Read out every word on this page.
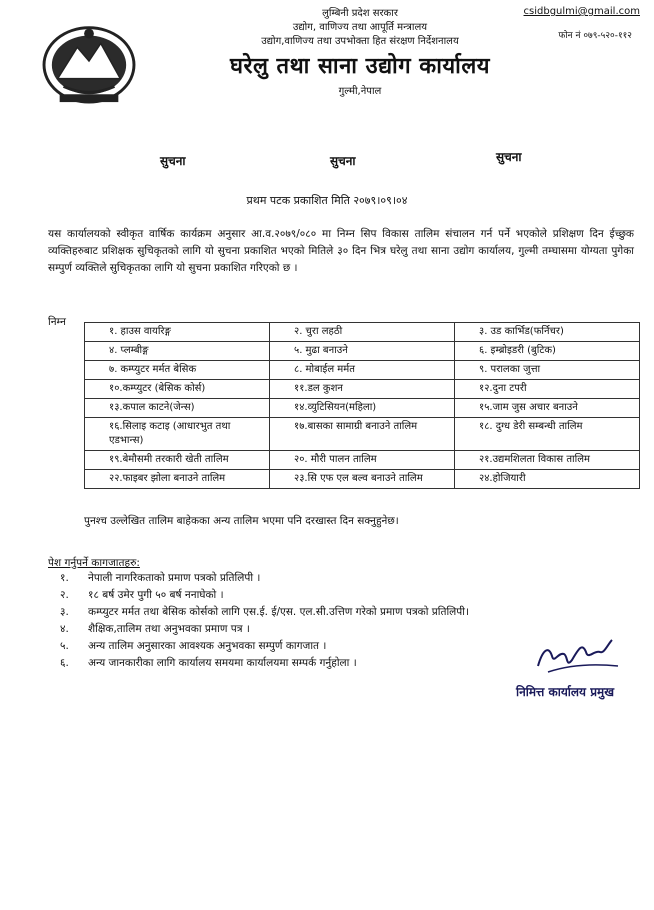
लुम्बिनी प्रदेश सरकार
उद्योग, वाणिज्य तथा आपूर्ति मन्त्रालय
उद्योग,वाणिज्य तथा उपभोक्ता हित संरक्षण निर्देशनालय
घरेलु तथा साना उद्योग कार्यालय
गुल्मी,नेपाल
csidbgulmi@gmail.com
फोन नं ०७९-५२०-११२
सुचना	सुचना	सुचना
प्रथम पटक प्रकाशित मिति २०७९।०९।०४
यस कार्यालयको स्वीकृत वार्षिक कार्यक्रम अनुसार आ.व.२०७९/०८० मा निम्न सिप विकास तालिम संचालन गर्न पर्ने भएकोले प्रशिक्षण दिन ईच्छुक व्यक्तिहरुबाट प्रशिक्षक सुचिकृतको लागि यो सुचना प्रकाशित भएको मितिले ३० दिन भित्र घरेलु तथा साना उद्योग कार्यालय, गुल्मी तम्घासमा योग्यता पुगेका सम्पुर्ण व्यक्तिले सुचिकृतका लागि यो सुचना प्रकाशित गरिएको छ ।
निम्न
१. हाउस वायरिङ्ग	२. चुरा लहठी	३. उड कार्भिड(फर्निचर)
४. प्लम्बीङ्ग	५. मुढा बनाउने	६. इम्ब्रोइडरी (बुटिक)
७. कम्प्युटर मर्मत बेसिक	८. मोबाईल मर्मत	९. परालका जुत्ता
१०.कम्प्युटर (बेसिक कोर्स)	११.डल कुशन	१२.दुना टपरी
१३.कपाल काटने(जेन्स)	१४.व्युटिसियन(महिला)	१५.जाम जुस अचार बनाउने
१६.सिलाइ कटाइ (आधारभुत तथा एडभान्स)	१७.बासका सामाग्री बनाउने तालिम	१८. दुग्ध डेरी सम्बन्धी तालिम
१९.बेमौसमी तरकारी खेती तालिम	२०. मौरी पालन तालिम	२१.उद्यमशिलता विकास तालिम
२२.फाइबर झोला बनाउने तालिम	२३.सि एफ एल बल्व बनाउने तालिम	२४.होजियारी
पुनश्च उल्लेखित तालिम बाहेकका अन्य तालिम भएमा पनि दरखास्त दिन सक्नुहुनेछ।
पेश गर्नुपर्ने कागजातहरु:
१. नेपाली नागरिकताको प्रमाण पत्रको प्रतिलिपी ।
२. १८ बर्ष उमेर पुगी ५० बर्ष ननाघेको ।
३. कम्प्युटर मर्मत तथा बेसिक कोर्सको लागि एस.ई. ई/एस. एल.सी.उत्तिण गरेको प्रमाण पत्रको प्रतिलिपी।
४. शैक्षिक,तालिम तथा अनुभवका प्रमाण पत्र ।
५. अन्य तालिम अनुसारका आवश्यक अनुभवका सम्पुर्ण कागजात ।
६. अन्य जानकारीका लागि कार्यालय समयमा कार्यालयमा सम्पर्क गर्नुहोला ।
निमित्त कार्यालय प्रमुख
